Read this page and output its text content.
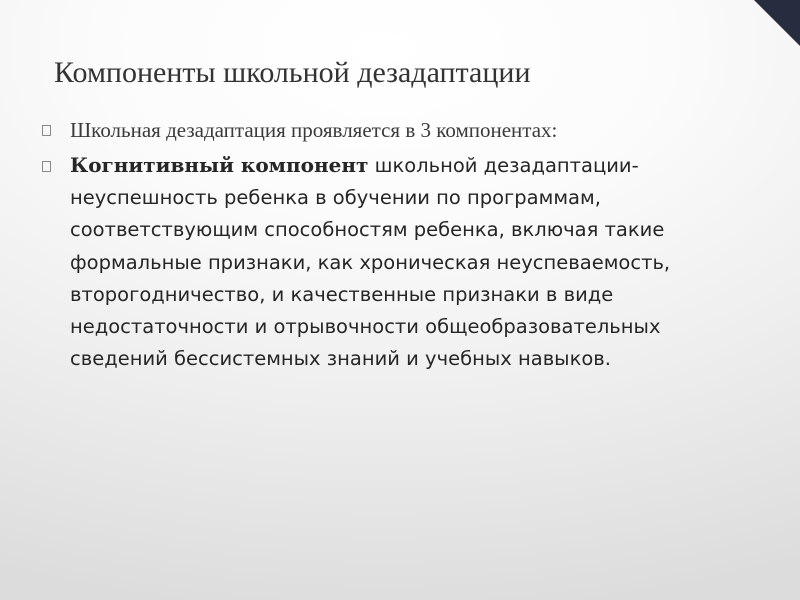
Компоненты школьной дезадаптации
Школьная дезадаптация проявляется в 3 компонентах:
Когнитивный компонент школьной дезадаптации- неуспешность ребенка в обучении по программам, соответствующим способностям ребенка, включая такие формальные признаки, как хроническая неуспеваемость, второгодничество, и качественные признаки в виде недостаточности и отрывочности общеобразовательных сведений бессистемных знаний и учебных навыков.
